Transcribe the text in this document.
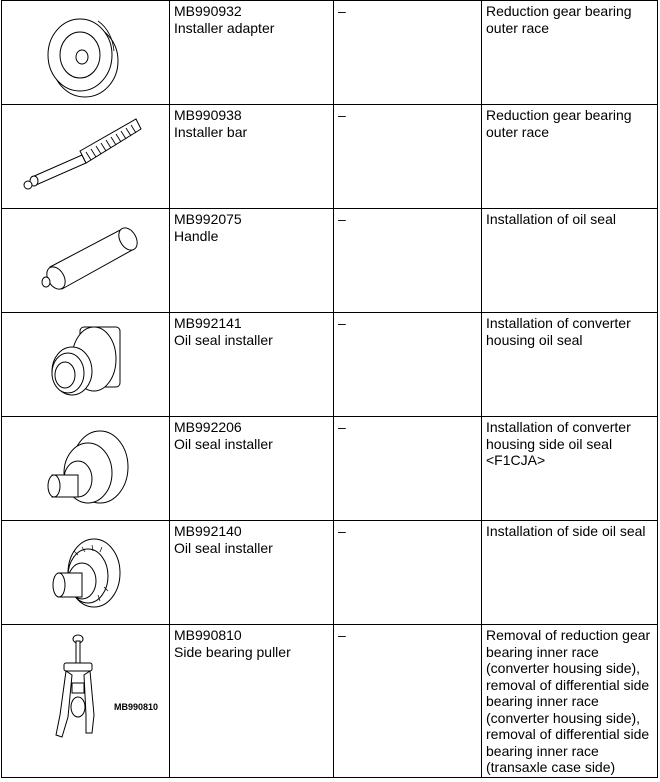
MB990932
Installer adapter	–	Reduction gear bearing outer race

MB990938
Installer bar	–	Reduction gear bearing outer race

MB992075
Handle	–	Installation of oil seal

MB992141
Oil seal installer	–	Installation of converter housing oil seal

MB992206
Oil seal installer	–	Installation of converter housing side oil seal <F1CJA>

MB992140
Oil seal installer	–	Installation of side oil seal

MB990810	MB990810
Side bearing puller	–	Removal of reduction gear bearing inner race (converter housing side), removal of differential side bearing inner race (converter housing side), removal of differential side bearing inner race (transaxle case side)
